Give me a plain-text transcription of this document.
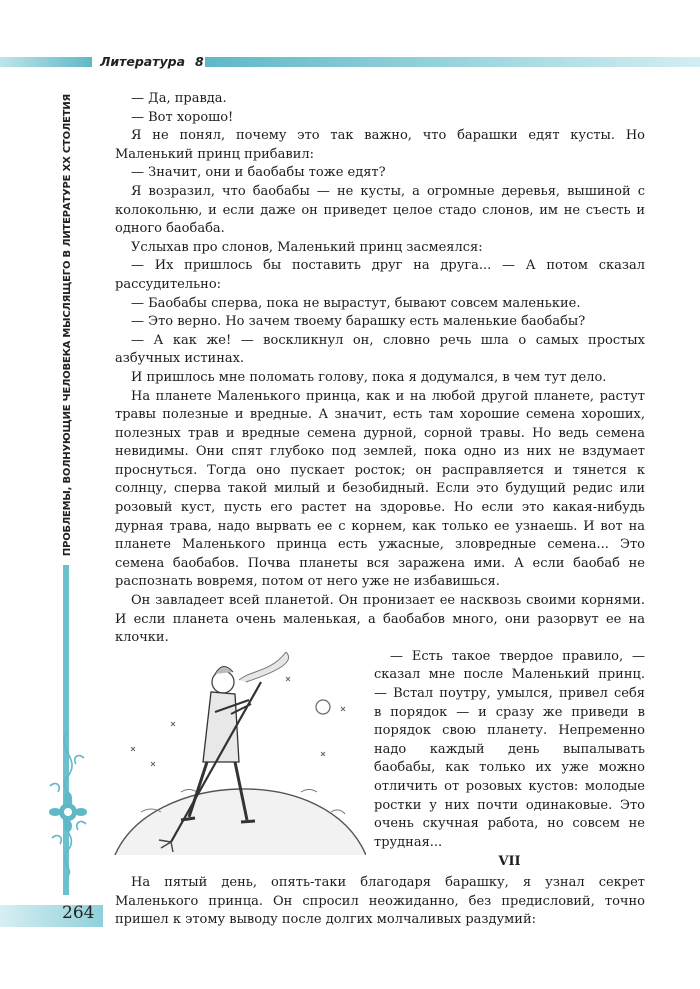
Литература 8
ПРОБЛЕМЫ, ВОЛНУЮЩИЕ ЧЕЛОВЕКА МЫСЛЯЩЕГО В ЛИТЕРАТУРЕ XX СТОЛЕТИЯ
264

— Да, правда.

— Вот хорошо!

Я не понял, почему это так важно, что барашки едят кусты. Но Маленький принц прибавил:

— Значит, они и баобабы тоже едят?

Я возразил, что баобабы — не кусты, а огромные деревья, вышиной с колокольню, и если даже он приведет целое стадо слонов, им не съесть и одного баобаба.

Услыхав про слонов, Маленький принц засмеялся:

— Их пришлось бы поставить друг на друга... — А потом сказал рассудительно:

— Баобабы сперва, пока не вырастут, бывают совсем маленькие.

— Это верно. Но зачем твоему барашку есть маленькие баобабы?

— А как же! — воскликнул он, словно речь шла о самых простых азбучных истинах.

И пришлось мне поломать голову, пока я додумался, в чем тут дело.

На планете Маленького принца, как и на любой другой планете, растут травы полезные и вредные. А значит, есть там хорошие семена хороших, полезных трав и вредные семена дурной, сорной травы. Но ведь семена невидимы. Они спят глубоко под землей, пока одно из них не вздумает проснуться. Тогда оно пускает росток; он расправляется и тянется к солнцу, сперва такой милый и безобидный. Если это будущий редис или розовый куст, пусть его растет на здоровье. Но если это какая-нибудь дурная трава, надо вырвать ее с корнем, как только ее узнаешь. И вот на планете Маленького принца есть ужасные, зловредные семена... Это семена баобабов. Почва планеты вся заражена ими. А если баобаб не распознать вовремя, потом от него уже не избавишься.

Он завладеет всей планетой. Он пронизает ее насквозь своими корнями. И если планета очень маленькая, а баобабов много, они разорвут ее на клочки.

— Есть такое твердое правило, — сказал мне после Маленький принц. — Встал поутру, умылся, привел себя в порядок — и сразу же приведи в порядок свою планету. Непременно надо каждый день выпалывать баобабы, как только их уже можно отличить от розовых кустов: молодые ростки у них почти одинаковые. Это очень скучная работа, но совсем не трудная...

VII

На пятый день, опять-таки благодаря барашку, я узнал секрет Маленького принца. Он спросил неожиданно, без предисловий, точно пришел к этому выводу после долгих молчаливых раздумий:
